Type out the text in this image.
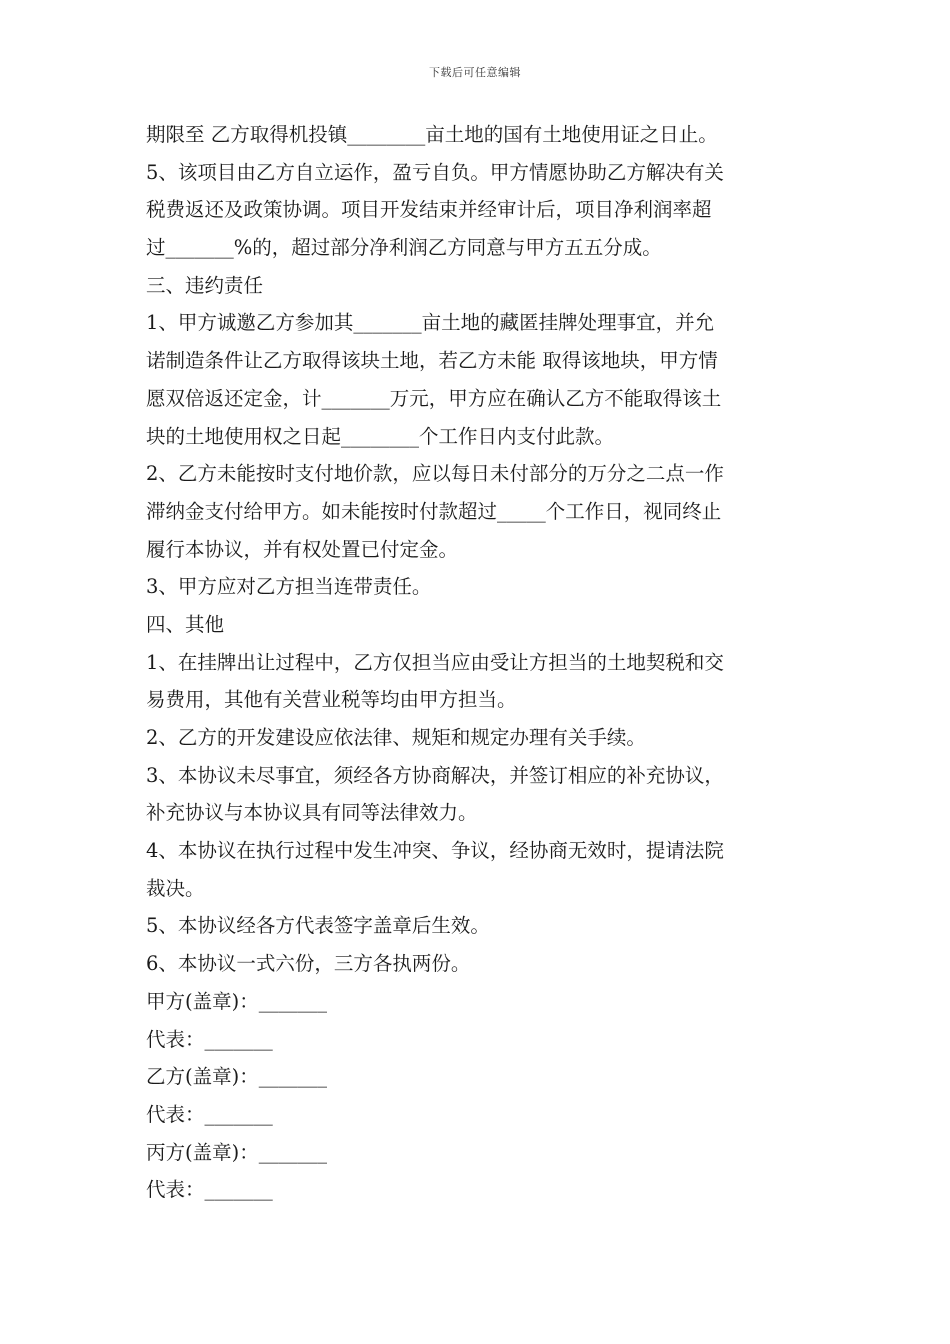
下载后可任意编辑
期限至 乙方取得机投镇________亩土地的国有土地使用证之日止。
5、该项目由乙方自立运作，盈亏自负。甲方情愿协助乙方解决有关
税费返还及政策协调。项目开发结束并经审计后，项目净利润率超
过_______%的，超过部分净利润乙方同意与甲方五五分成。
三、违约责任
1、甲方诚邀乙方参加其_______亩土地的藏匿挂牌处理事宜，并允
诺制造条件让乙方取得该块土地，若乙方未能 取得该地块，甲方情
愿双倍返还定金，计_______万元，甲方应在确认乙方不能取得该土
块的土地使用权之日起________个工作日内支付此款。
2、乙方未能按时支付地价款，应以每日未付部分的万分之二点一作
滞纳金支付给甲方。如未能按时付款超过_____个工作日，视同终止
履行本协议，并有权处置已付定金。
3、甲方应对乙方担当连带责任。
四、其他
1、在挂牌出让过程中，乙方仅担当应由受让方担当的土地契税和交
易费用，其他有关营业税等均由甲方担当。
2、乙方的开发建设应依法律、规矩和规定办理有关手续。
3、本协议未尽事宜，须经各方协商解决，并签订相应的补充协议，
补充协议与本协议具有同等法律效力。
4、本协议在执行过程中发生冲突、争议，经协商无效时，提请法院
裁决。
5、本协议经各方代表签字盖章后生效。
6、本协议一式六份，三方各执两份。
甲方(盖章)：_______
代表：_______
乙方(盖章)：_______
代表：_______
丙方(盖章)：_______
代表：_______
